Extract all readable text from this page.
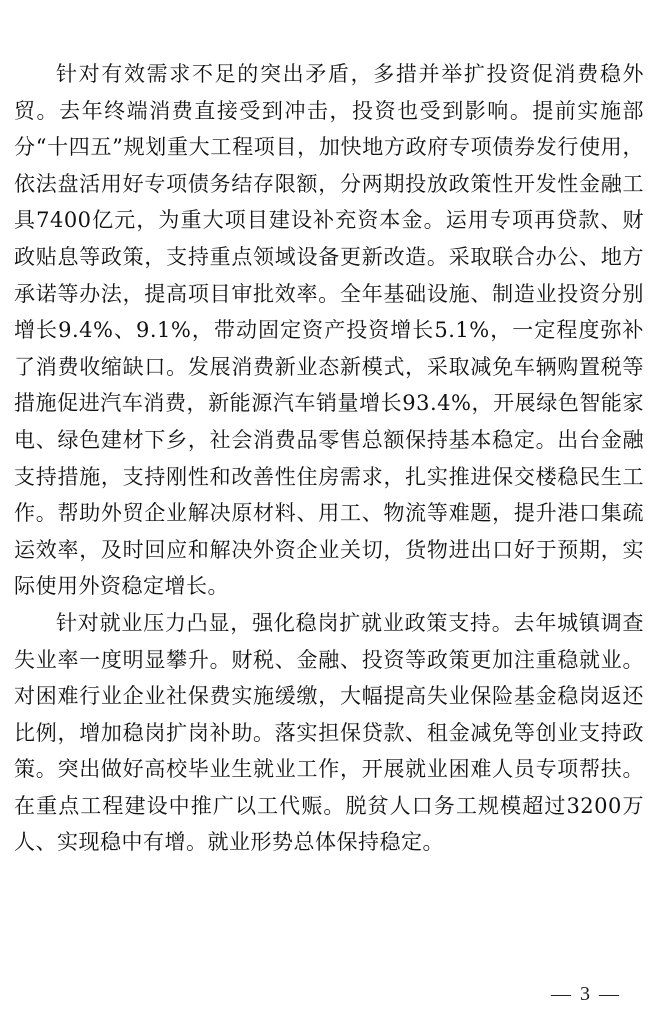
针对有效需求不足的突出矛盾，多措并举扩投资促消费稳外贸。去年终端消费直接受到冲击，投资也受到影响。提前实施部分“十四五”规划重大工程项目，加快地方政府专项债券发行使用，依法盘活用好专项债务结存限额，分两期投放政策性开发性金融工具7400亿元，为重大项目建设补充资本金。运用专项再贷款、财政贴息等政策，支持重点领域设备更新改造。采取联合办公、地方承诺等办法，提高项目审批效率。全年基础设施、制造业投资分别增长9.4%、9.1%，带动固定资产投资增长5.1%，一定程度弥补了消费收缩缺口。发展消费新业态新模式，采取减免车辆购置税等措施促进汽车消费，新能源汽车销量增长93.4%，开展绿色智能家电、绿色建材下乡，社会消费品零售总额保持基本稳定。出台金融支持措施，支持刚性和改善性住房需求，扎实推进保交楼稳民生工作。帮助外贸企业解决原材料、用工、物流等难题，提升港口集疏运效率，及时回应和解决外资企业关切，货物进出口好于预期，实际使用外资稳定增长。

针对就业压力凸显，强化稳岗扩就业政策支持。去年城镇调查失业率一度明显攀升。财税、金融、投资等政策更加注重稳就业。对困难行业企业社保费实施缓缴，大幅提高失业保险基金稳岗返还比例，增加稳岗扩岗补助。落实担保贷款、租金减免等创业支持政策。突出做好高校毕业生就业工作，开展就业困难人员专项帮扶。在重点工程建设中推广以工代赈。脱贫人口务工规模超过3200万人、实现稳中有增。就业形势总体保持稳定。

— 3 —
